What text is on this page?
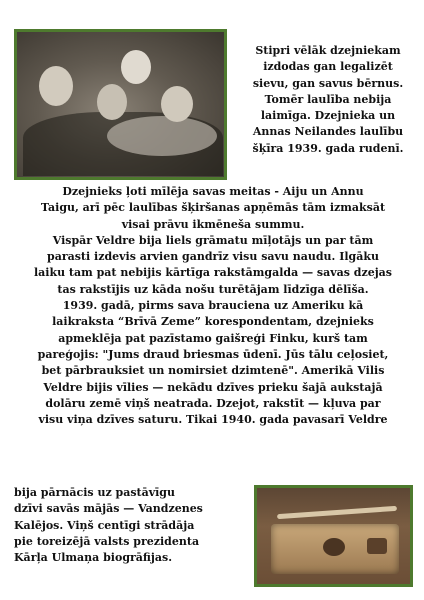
Stipri vēlāk dzejniekam
izdodas gan legalizēt
sievu, gan savus bērnus.
Tomēr laulība nebija
laimīga. Dzejnieka un
Annas Neilandes laulību
šķīra 1939. gada rudenī.
Dzejnieks ļoti mīlēja savas meitas - Aiju un Annu
Taigu, arī pēc laulības šķiršanas apņēmās tām izmaksāt
visai prāvu ikmēneša summu.
Vispār Veldre bija liels grāmatu mīļotājs un par tām
parasti izdevis arvien gandrīz visu savu naudu. Ilgāku
laiku tam pat nebijis kārtīga rakstāmgalda — savas dzejas
tas rakstījis uz kāda nošu turētājam līdzīga dēlīša.
1939. gadā, pirms sava brauciena uz Ameriku kā
laikraksta “Brīvā Zeme” korespondentam, dzejnieks
apmeklēja pat pazīstamo gaišreģi Finku, kurš tam
pareģojis: "Jums draud briesmas ūdenī. Jūs tālu ceļosiet,
bet pārbrauksiet un nomirsiet dzimtenē". Amerikā Vilis
Veldre bijis vīlies — nekādu dzīves prieku šajā aukstajā
dolāru zemē viņš neatrada. Dzejot, rakstīt — kļuva par
visu viņa dzīves saturu. Tikai 1940. gada pavasarī Veldre
bija pārnācis uz pastāvīgu
dzīvi savās mājās — Vandzenes
Kalējos. Viņš centīgi strādāja
pie toreizējā valsts prezidenta
Kārļa Ulmaņa biogrāfijas.
